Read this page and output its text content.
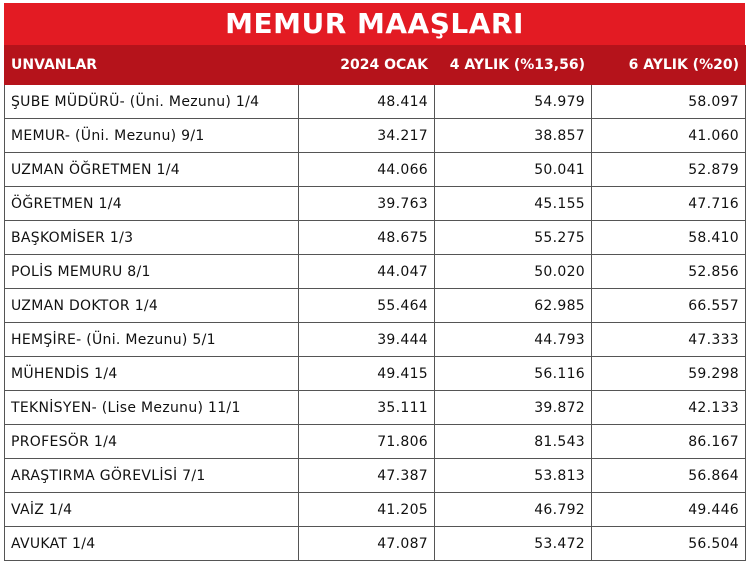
MEMUR MAAŞLARI
UNVANLAR	2024 OCAK	4 AYLIK (%13,56)	6 AYLIK (%20)
ŞUBE MÜDÜRÜ- (Üni. Mezunu) 1/4	48.414	54.979	58.097
MEMUR- (Üni. Mezunu) 9/1	34.217	38.857	41.060
UZMAN ÖĞRETMEN 1/4	44.066	50.041	52.879
ÖĞRETMEN 1/4	39.763	45.155	47.716
BAŞKOMİSER 1/3	48.675	55.275	58.410
POLİS MEMURU 8/1	44.047	50.020	52.856
UZMAN DOKTOR 1/4	55.464	62.985	66.557
HEMŞİRE- (Üni. Mezunu) 5/1	39.444	44.793	47.333
MÜHENDİS 1/4	49.415	56.116	59.298
TEKNİSYEN- (Lise Mezunu) 11/1	35.111	39.872	42.133
PROFESÖR 1/4	71.806	81.543	86.167
ARAŞTIRMA GÖREVLİSİ 7/1	47.387	53.813	56.864
VAİZ 1/4	41.205	46.792	49.446
AVUKAT 1/4	47.087	53.472	56.504
